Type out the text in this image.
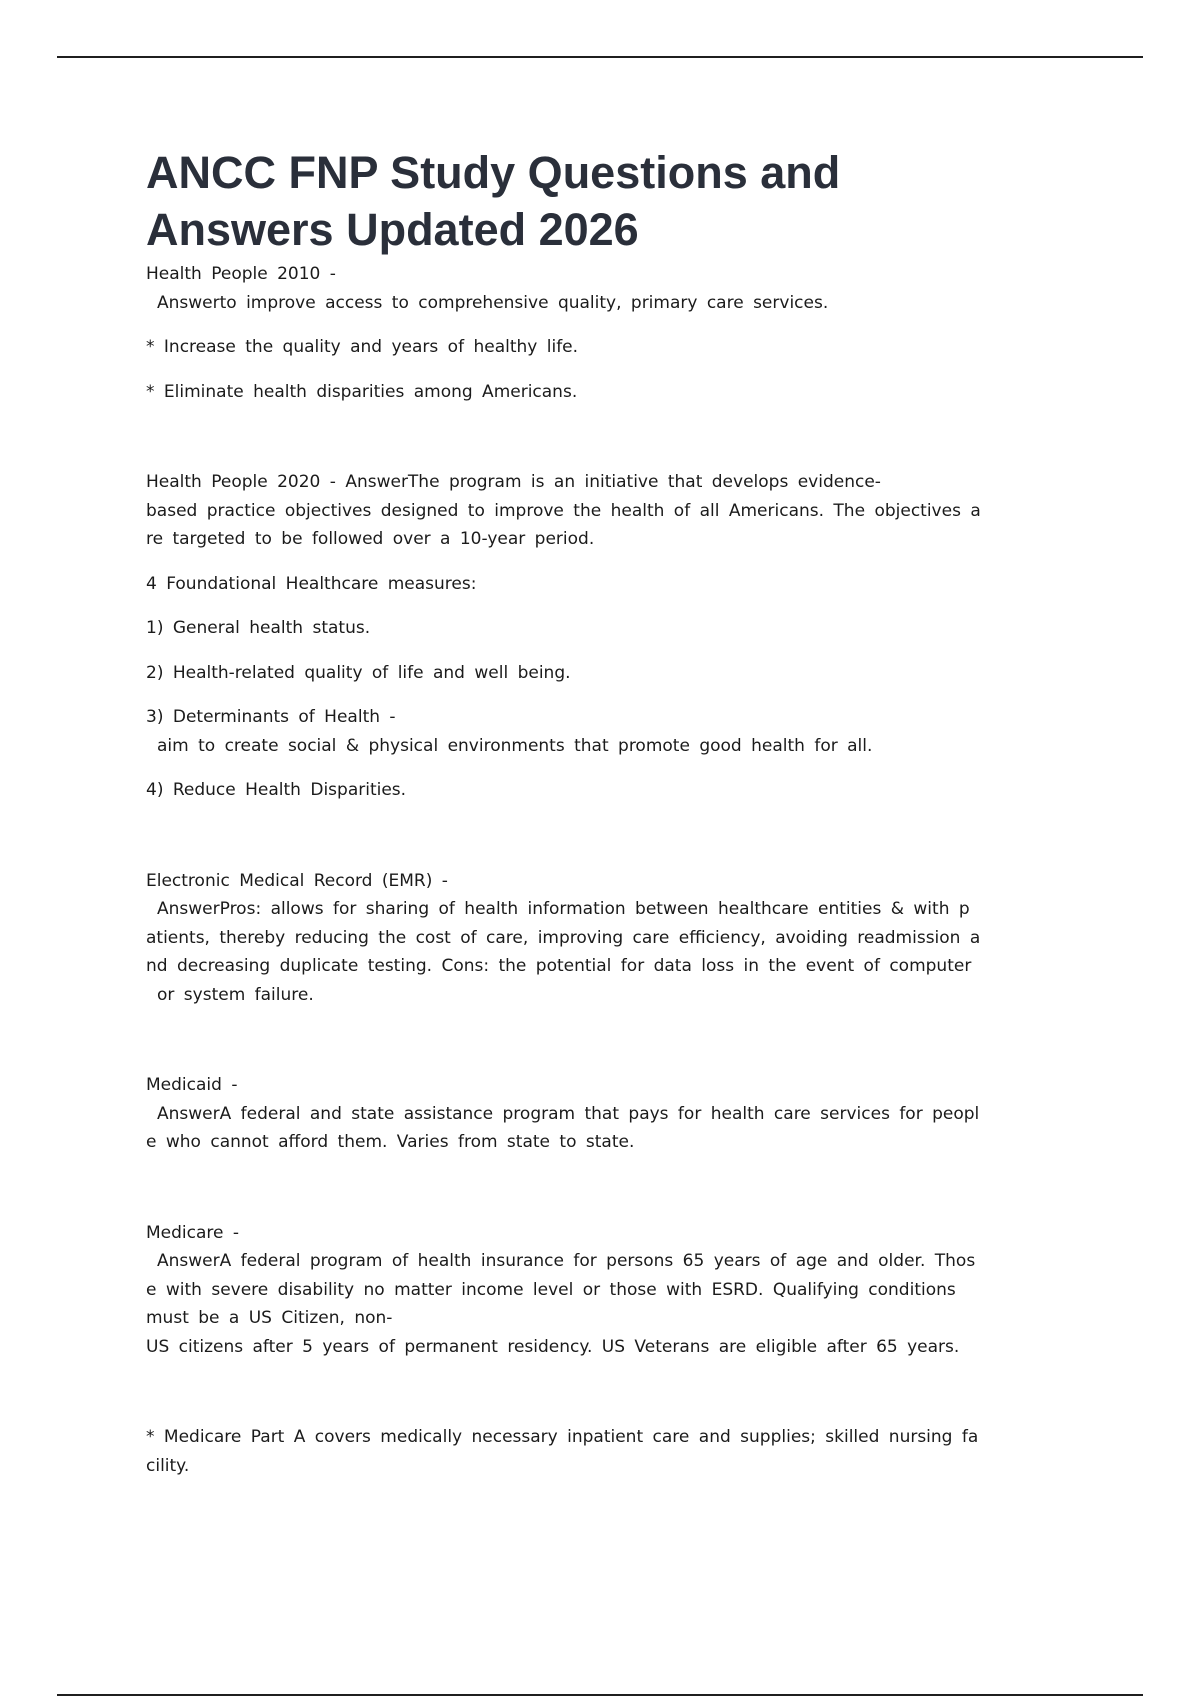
ANCC FNP Study Questions and
Answers Updated 2026

Health People 2010 -
Answerto improve access to comprehensive quality, primary care services.

* Increase the quality and years of healthy life.

* Eliminate health disparities among Americans.

Health People 2020 - AnswerThe program is an initiative that develops evidence-
based practice objectives designed to improve the health of all Americans. The objectives a
re targeted to be followed over a 10-year period.

4 Foundational Healthcare measures:

1) General health status.

2) Health-related quality of life and well being.

3) Determinants of Health -
aim to create social & physical environments that promote good health for all.

4) Reduce Health Disparities.

Electronic Medical Record (EMR) -
AnswerPros: allows for sharing of health information between healthcare entities & with p
atients, thereby reducing the cost of care, improving care efficiency, avoiding readmission a
nd decreasing duplicate testing. Cons: the potential for data loss in the event of computer
or system failure.

Medicaid -
AnswerA federal and state assistance program that pays for health care services for peopl
e who cannot afford them. Varies from state to state.

Medicare -
AnswerA federal program of health insurance for persons 65 years of age and older. Thos
e with severe disability no matter income level or those with ESRD. Qualifying conditions
must be a US Citizen, non-
US citizens after 5 years of permanent residency. US Veterans are eligible after 65 years.

* Medicare Part A covers medically necessary inpatient care and supplies; skilled nursing fa
cility.
